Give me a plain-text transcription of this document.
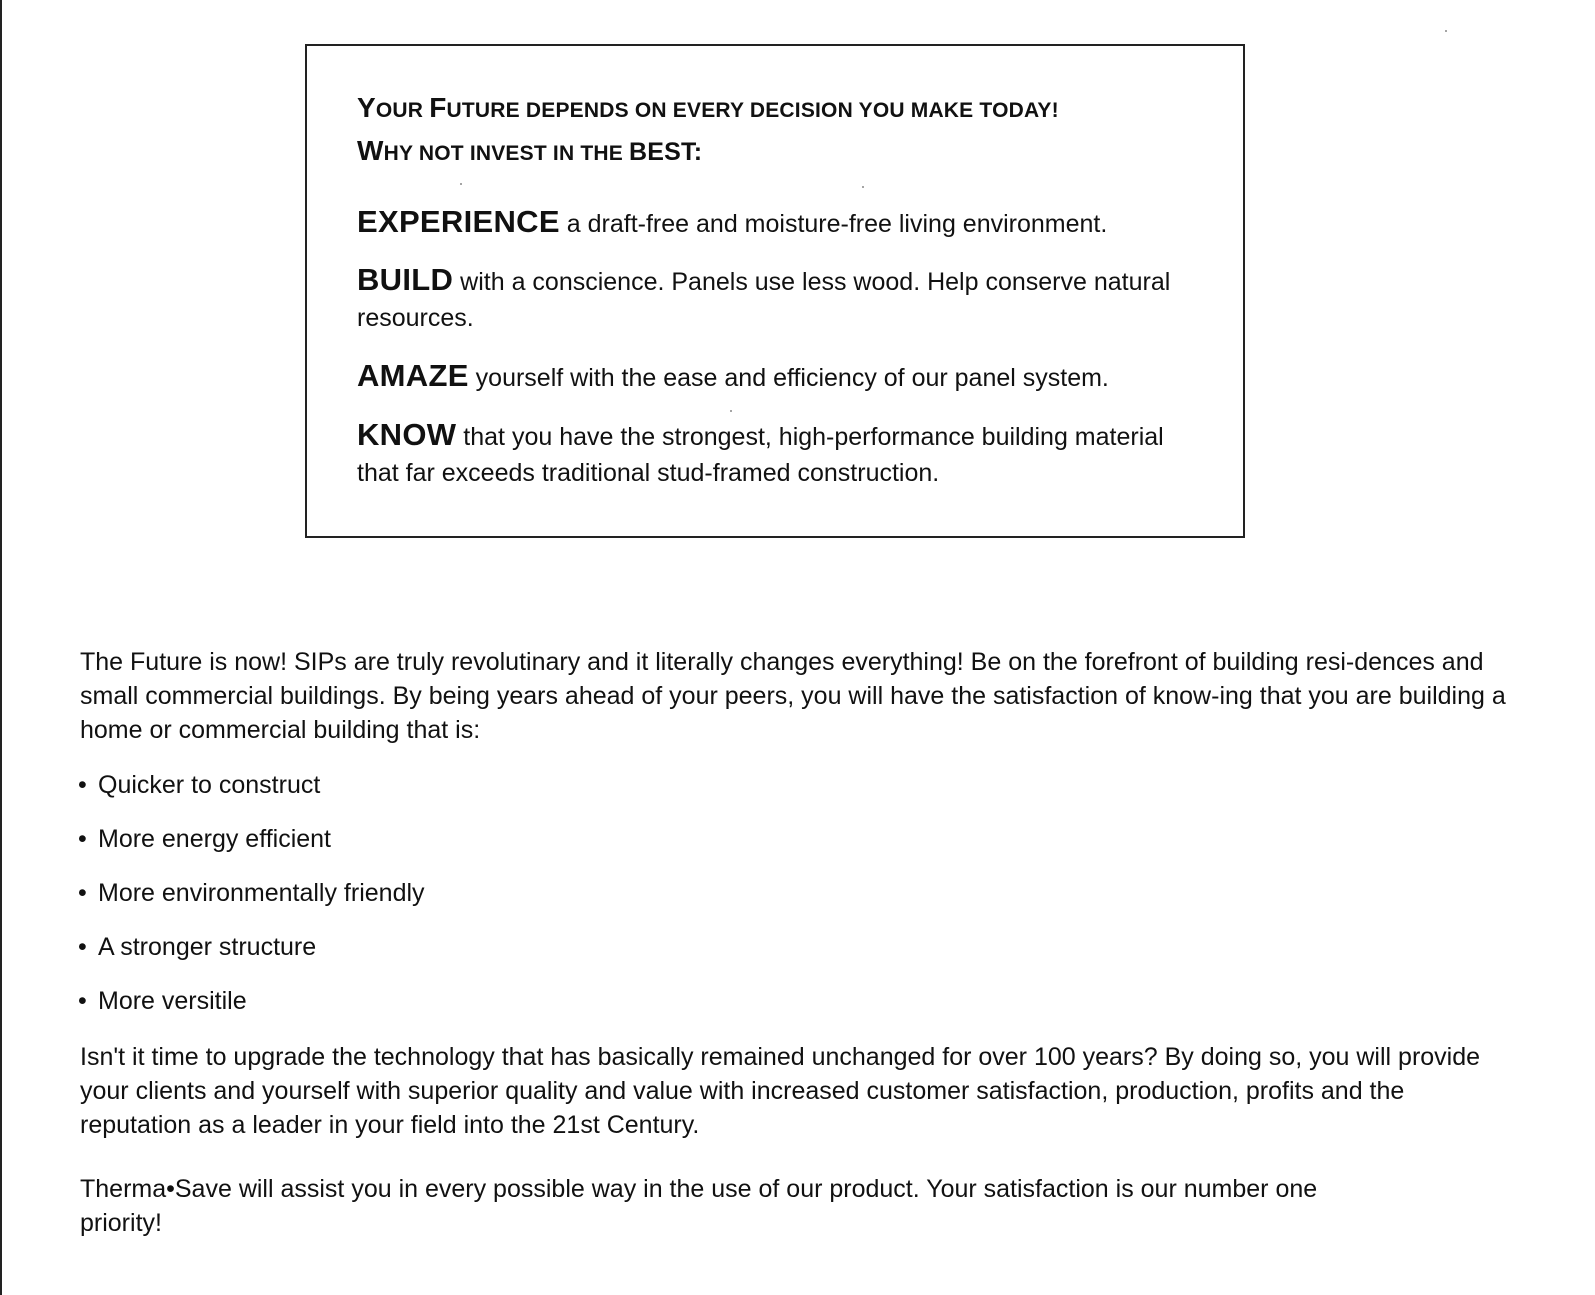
YOUR FUTURE DEPENDS ON EVERY DECISION YOU MAKE TODAY!
WHY NOT INVEST IN THE BEST:
EXPERIENCE a draft-free and moisture-free living environment.
BUILD with a conscience. Panels use less wood. Help conserve natural resources.
AMAZE yourself with the ease and efficiency of our panel system.
KNOW that you have the strongest, high-performance building material that far exceeds traditional stud-framed construction.
The Future is now! SIPs are truly revolutinary and it literally changes everything! Be on the forefront of building resi-dences and small commercial buildings. By being years ahead of your peers, you will have the satisfaction of know-ing that you are building a home or commercial building that is:
• Quicker to construct
• More energy efficient
• More environmentally friendly
• A stronger structure
• More versitile
Isn't it time to upgrade the technology that has basically remained unchanged for over 100 years? By doing so, you will provide your clients and yourself with superior quality and value with increased customer satisfaction, production, profits and the reputation as a leader in your field into the 21st Century.
Therma•Save will assist you in every possible way in the use of our product. Your satisfaction is our number one priority!
